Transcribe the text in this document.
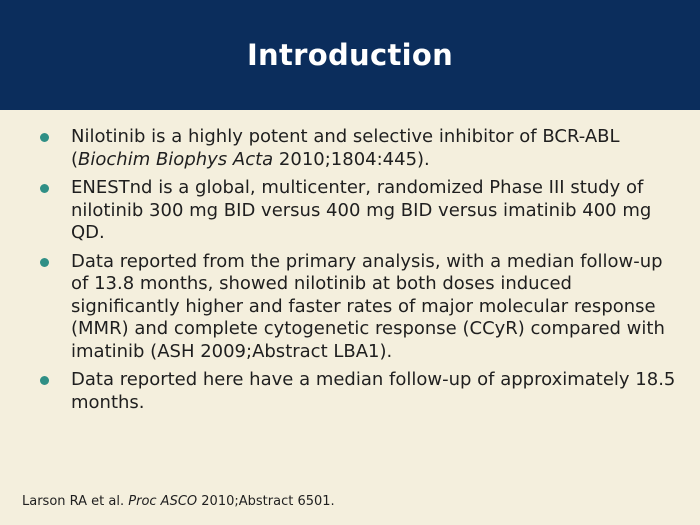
Introduction
Nilotinib is a highly potent and selective inhibitor of BCR-ABL (Biochim Biophys Acta 2010;1804:445).
ENESTnd is a global, multicenter, randomized Phase III study of nilotinib 300 mg BID versus 400 mg BID versus imatinib 400 mg QD.
Data reported from the primary analysis, with a median follow-up of 13.8 months, showed nilotinib at both doses induced significantly higher and faster rates of major molecular response (MMR) and complete cytogenetic response (CCyR) compared with imatinib (ASH 2009;Abstract LBA1).
Data reported here have a median follow-up of approximately 18.5 months.
Larson RA et al. Proc ASCO 2010;Abstract 6501.
